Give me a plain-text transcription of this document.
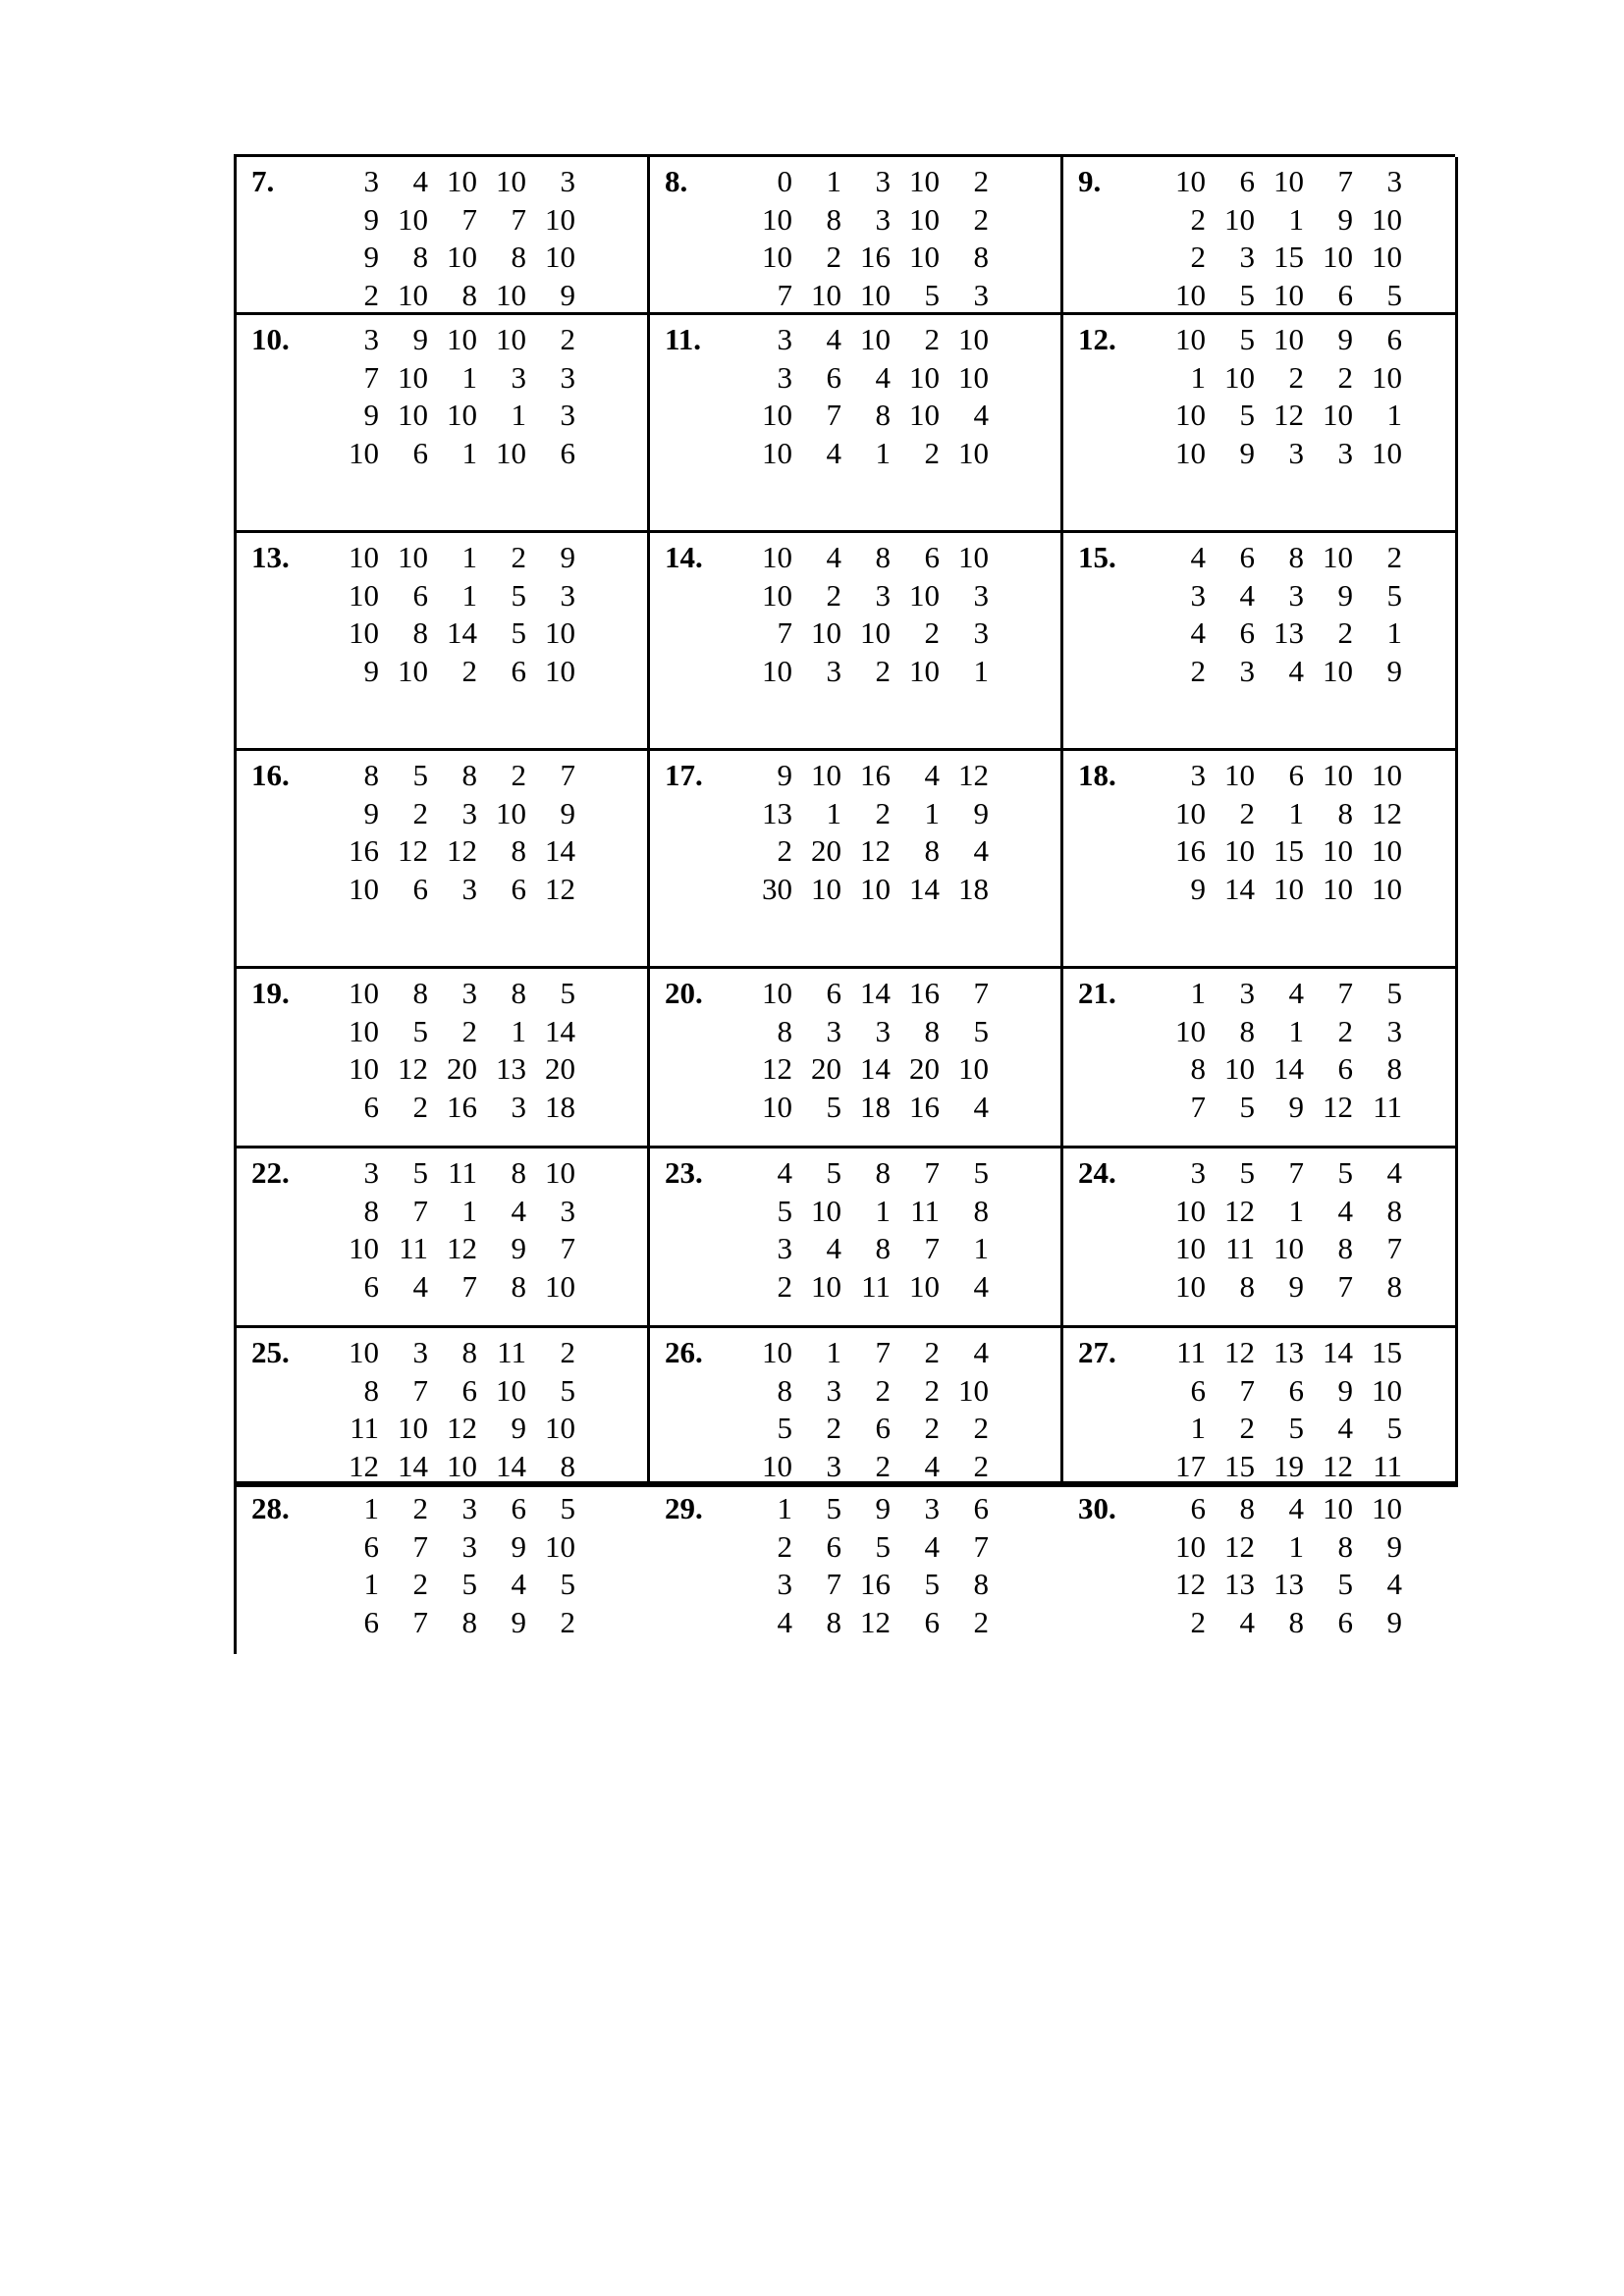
7.	3 4 10 10 3
9 10 7 7 10
9 8 10 8 10
2 10 8 10 9
8.	0 1 3 10 2
10 8 3 10 2
10 2 16 10 8
7 10 10 5 3
9.	10 6 10 7 3
2 10 1 9 10
2 3 15 10 10
10 5 10 6 5
10.	3 9 10 10 2
7 10 1 3 3
9 10 10 1 3
10 6 1 10 6
11.	3 4 10 2 10
3 6 4 10 10
10 7 8 10 4
10 4 1 2 10
12.	10 5 10 9 6
1 10 2 2 10
10 5 12 10 1
10 9 3 3 10
13.	10 10 1 2 9
10 6 1 5 3
10 8 14 5 10
9 10 2 6 10
14.	10 4 8 6 10
10 2 3 10 3
7 10 10 2 3
10 3 2 10 1
15.	4 6 8 10 2
3 4 3 9 5
4 6 13 2 1
2 3 4 10 9
16.	8 5 8 2 7
9 2 3 10 9
16 12 12 8 14
10 6 3 6 12
17.	9 10 16 4 12
13 1 2 1 9
2 20 12 8 4
30 10 10 14 18
18.	3 10 6 10 10
10 2 1 8 12
16 10 15 10 10
9 14 10 10 10
19.	10 8 3 8 5
10 5 2 1 14
10 12 20 13 20
6 2 16 3 18
20.	10 6 14 16 7
8 3 3 8 5
12 20 14 20 10
10 5 18 16 4
21.	1 3 4 7 5
10 8 1 2 3
8 10 14 6 8
7 5 9 12 11
22.	3 5 11 8 10
8 7 1 4 3
10 11 12 9 7
6 4 7 8 10
23.	4 5 8 7 5
5 10 1 11 8
3 4 8 7 1
2 10 11 10 4
24.	3 5 7 5 4
10 12 1 4 8
10 11 10 8 7
10 8 9 7 8
25.	10 3 8 11 2
8 7 6 10 5
11 10 12 9 10
12 14 10 14 8
26.	10 1 7 2 4
8 3 2 2 10
5 2 6 2 2
10 3 2 4 2
27.	11 12 13 14 15
6 7 6 9 10
1 2 5 4 5
17 15 19 12 11
28.	1 2 3 6 5
6 7 3 9 10
1 2 5 4 5
6 7 8 9 2
29.	1 5 9 3 6
2 6 5 4 7
3 7 16 5 8
4 8 12 6 2
30.	6 8 4 10 10
10 12 1 8 9
12 13 13 5 4
2 4 8 6 9
